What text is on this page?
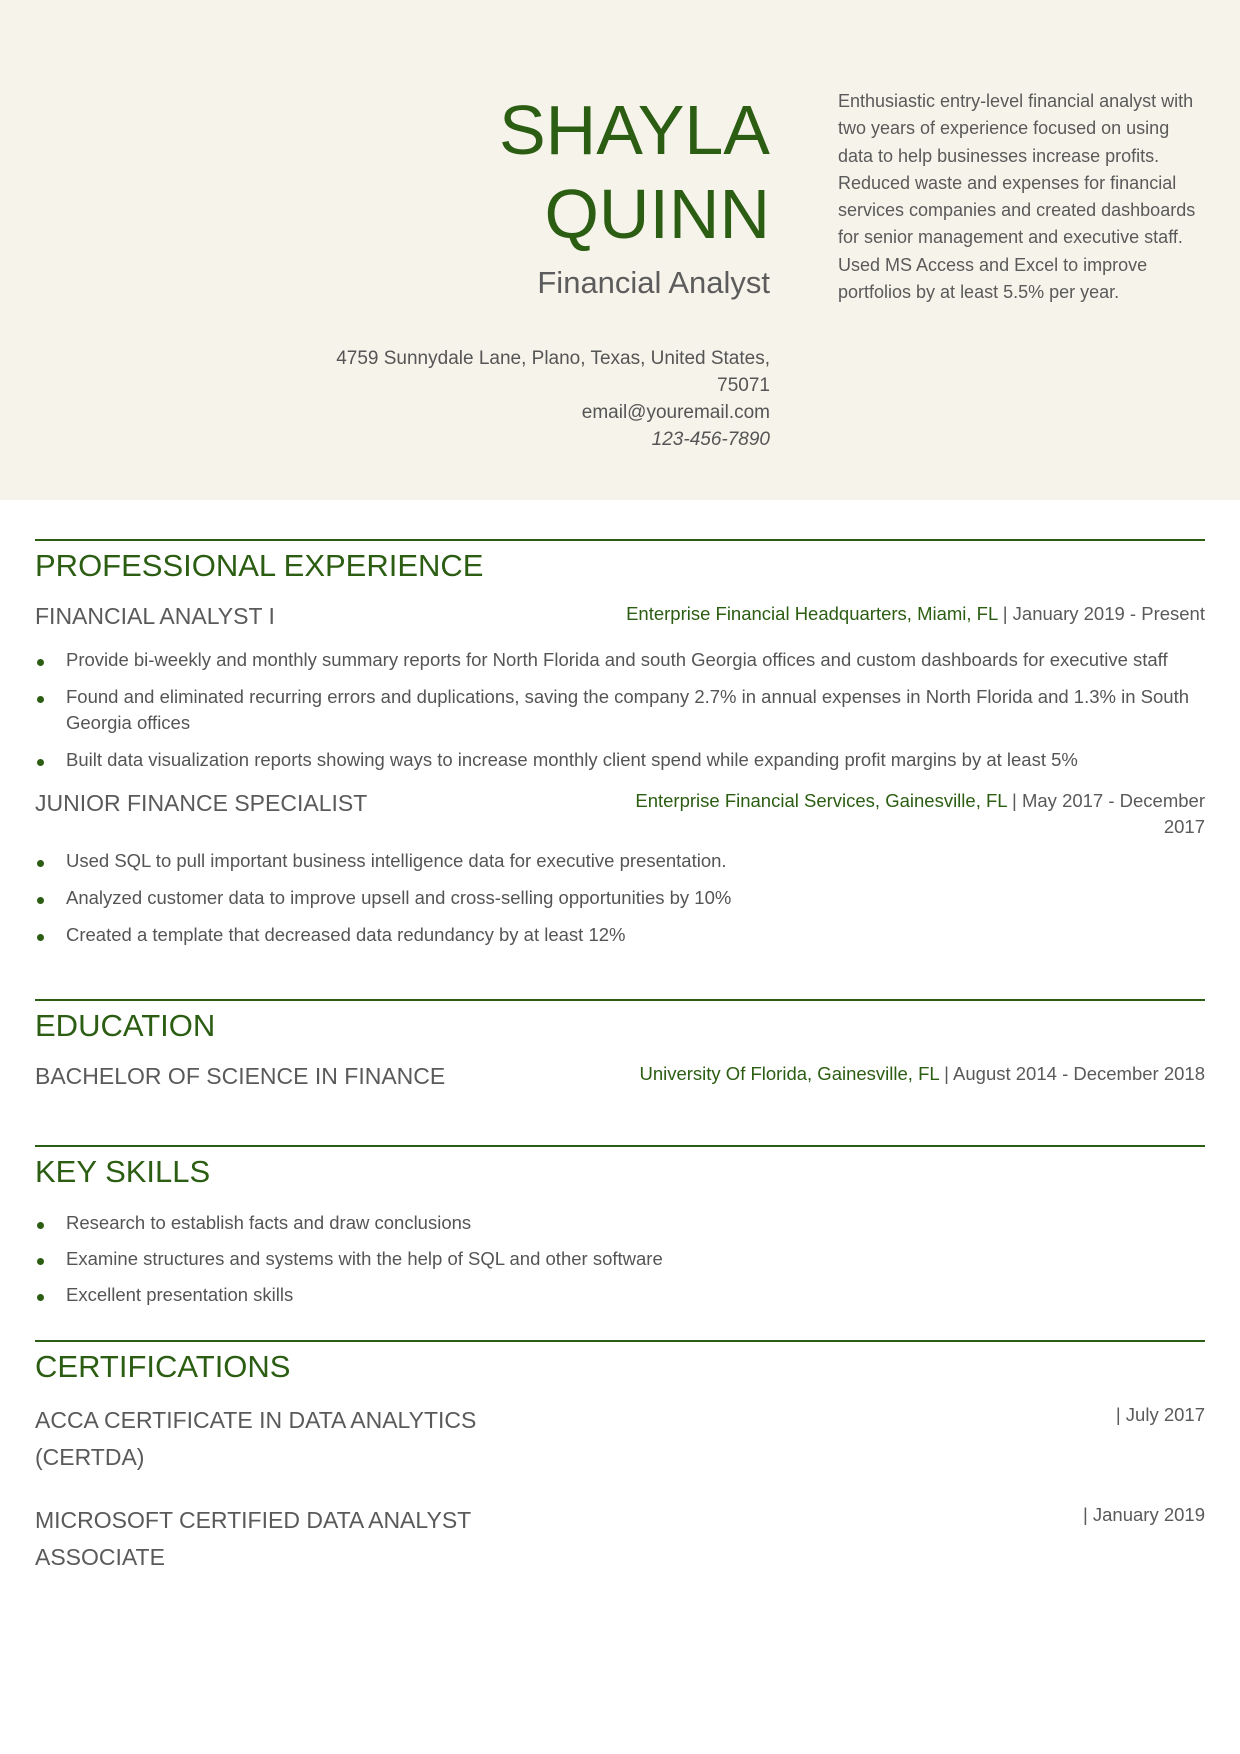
SHAYLA
QUINN
Financial Analyst
4759 Sunnydale Lane, Plano, Texas, United States,
75071
email@youremail.com
123-456-7890
Enthusiastic entry-level financial analyst with two years of experience focused on using data to help businesses increase profits. Reduced waste and expenses for financial services companies and created dashboards for senior management and executive staff. Used MS Access and Excel to improve portfolios by at least 5.5% per year.
PROFESSIONAL EXPERIENCE
FINANCIAL ANALYST I	Enterprise Financial Headquarters, Miami, FL | January 2019 - Present
Provide bi-weekly and monthly summary reports for North Florida and south Georgia offices and custom dashboards for executive staff
Found and eliminated recurring errors and duplications, saving the company 2.7% in annual expenses in North Florida and 1.3% in South Georgia offices
Built data visualization reports showing ways to increase monthly client spend while expanding profit margins by at least 5%
JUNIOR FINANCE SPECIALIST	Enterprise Financial Services, Gainesville, FL | May 2017 - December
2017
Used SQL to pull important business intelligence data for executive presentation.
Analyzed customer data to improve upsell and cross-selling opportunities by 10%
Created a template that decreased data redundancy by at least 12%
EDUCATION
BACHELOR OF SCIENCE IN FINANCE	University Of Florida, Gainesville, FL | August 2014 - December 2018
KEY SKILLS
Research to establish facts and draw conclusions
Examine structures and systems with the help of SQL and other software
Excellent presentation skills
CERTIFICATIONS
ACCA CERTIFICATE IN DATA ANALYTICS
(CERTDA)
| July 2017
MICROSOFT CERTIFIED DATA ANALYST
ASSOCIATE
| January 2019
